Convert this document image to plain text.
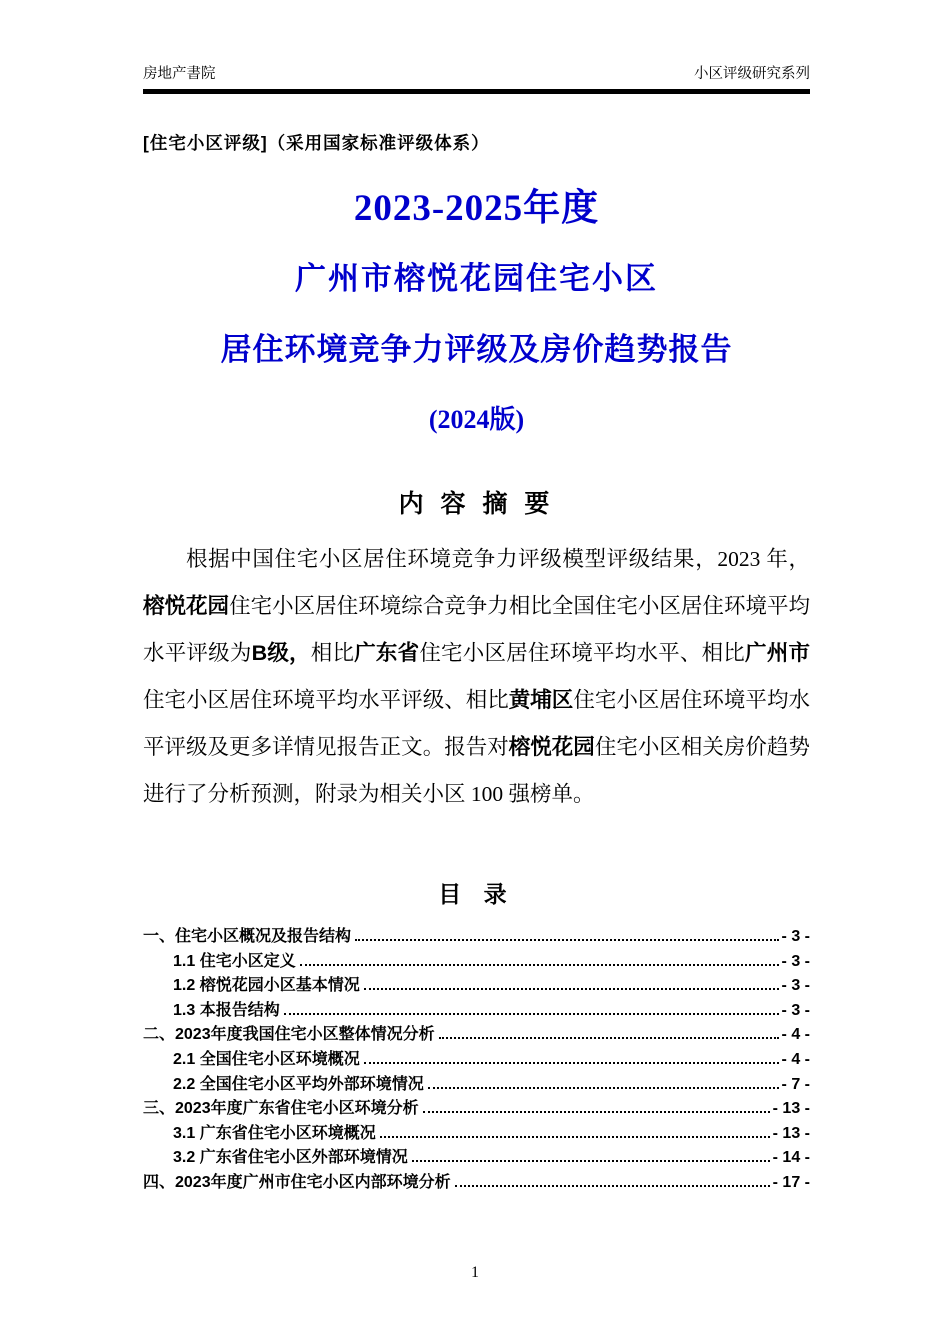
房地产書院	小区评级研究系列
[住宅小区评级]（采用国家标准评级体系）
2023-2025年度
广州市榕悦花园住宅小区
居住环境竞争力评级及房价趋势报告
(2024版)
内 容 摘 要

根据中国住宅小区居住环境竞争力评级模型评级结果，2023 年，榕悦花园住宅小区居住环境综合竞争力相比全国住宅小区居住环境平均水平评级为B级，相比广东省住宅小区居住环境平均水平、相比广州市住宅小区居住环境平均水平评级、相比黄埔区住宅小区居住环境平均水平评级及更多详情见报告正文。报告对榕悦花园住宅小区相关房价趋势进行了分析预测，附录为相关小区 100 强榜单。

目 录
一、住宅小区概况及报告结构	- 3 -
1.1 住宅小区定义	- 3 -
1.2 榕悦花园小区基本情况	- 3 -
1.3 本报告结构	- 3 -
二、2023年度我国住宅小区整体情况分析	- 4 -
2.1 全国住宅小区环境概况	- 4 -
2.2 全国住宅小区平均外部环境情况	- 7 -
三、2023年度广东省住宅小区环境分析	- 13 -
3.1 广东省住宅小区环境概况	- 13 -
3.2 广东省住宅小区外部环境情况	- 14 -
四、2023年度广州市住宅小区内部环境分析	- 17 -
1
